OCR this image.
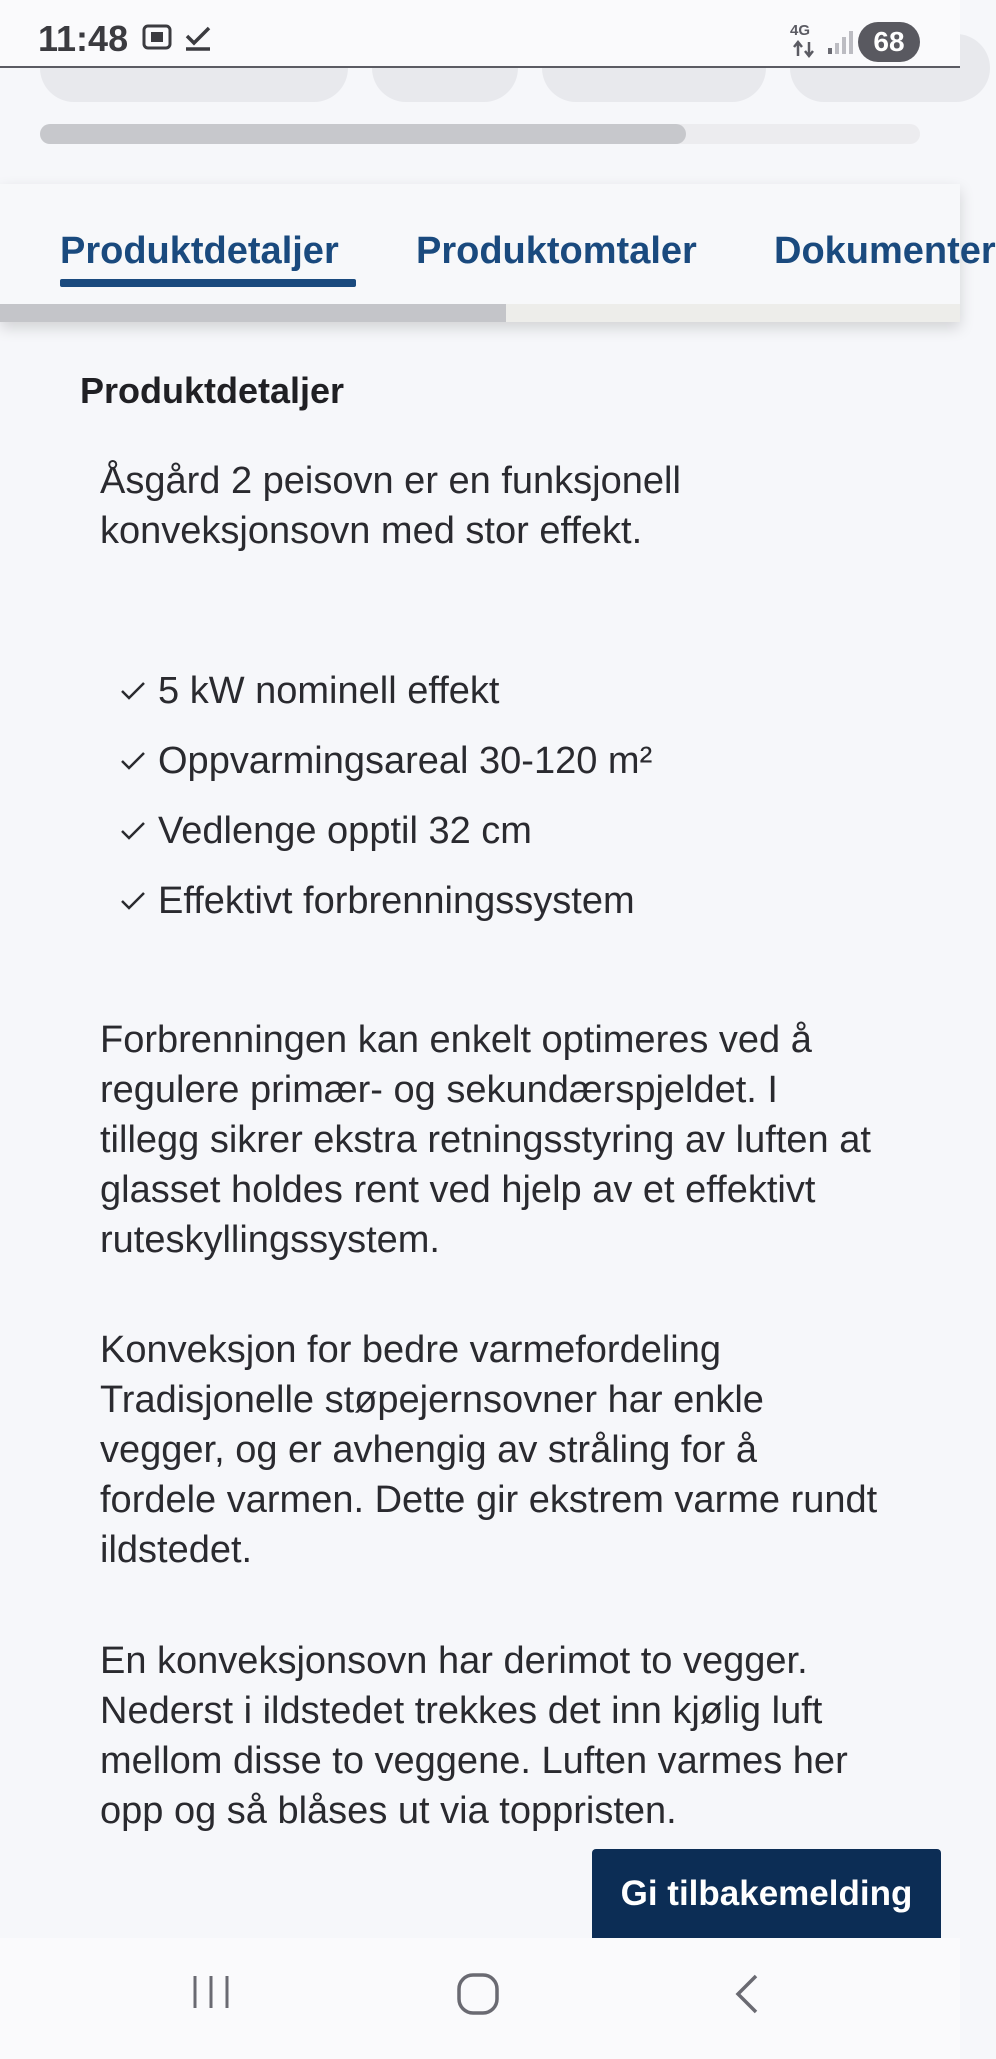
11:48	4G	68
Produktdetaljer Produktomtaler Dokumenter
Produktdetaljer

Åsgård 2 peisovn er en funksjonell konveksjonsovn med stor effekt.

5 kW nominell effekt
Oppvarmingsareal 30-120 m²
Vedlenge opptil 32 cm
Effektivt forbrenningssystem

Forbrenningen kan enkelt optimeres ved å regulere primær- og sekundærspjeldet. I tillegg sikrer ekstra retningsstyring av luften at glasset holdes rent ved hjelp av et effektivt ruteskyllingssystem.

Konveksjon for bedre varmefordeling Tradisjonelle støpejernsovner har enkle vegger, og er avhengig av stråling for å fordele varmen. Dette gir ekstrem varme rundt ildstedet.

En konveksjonsovn har derimot to vegger. Nederst i ildstedet trekkes det inn kjølig luft mellom disse to veggene. Luften varmes her opp og så blåses ut via toppristen.

Gi tilbakemelding
